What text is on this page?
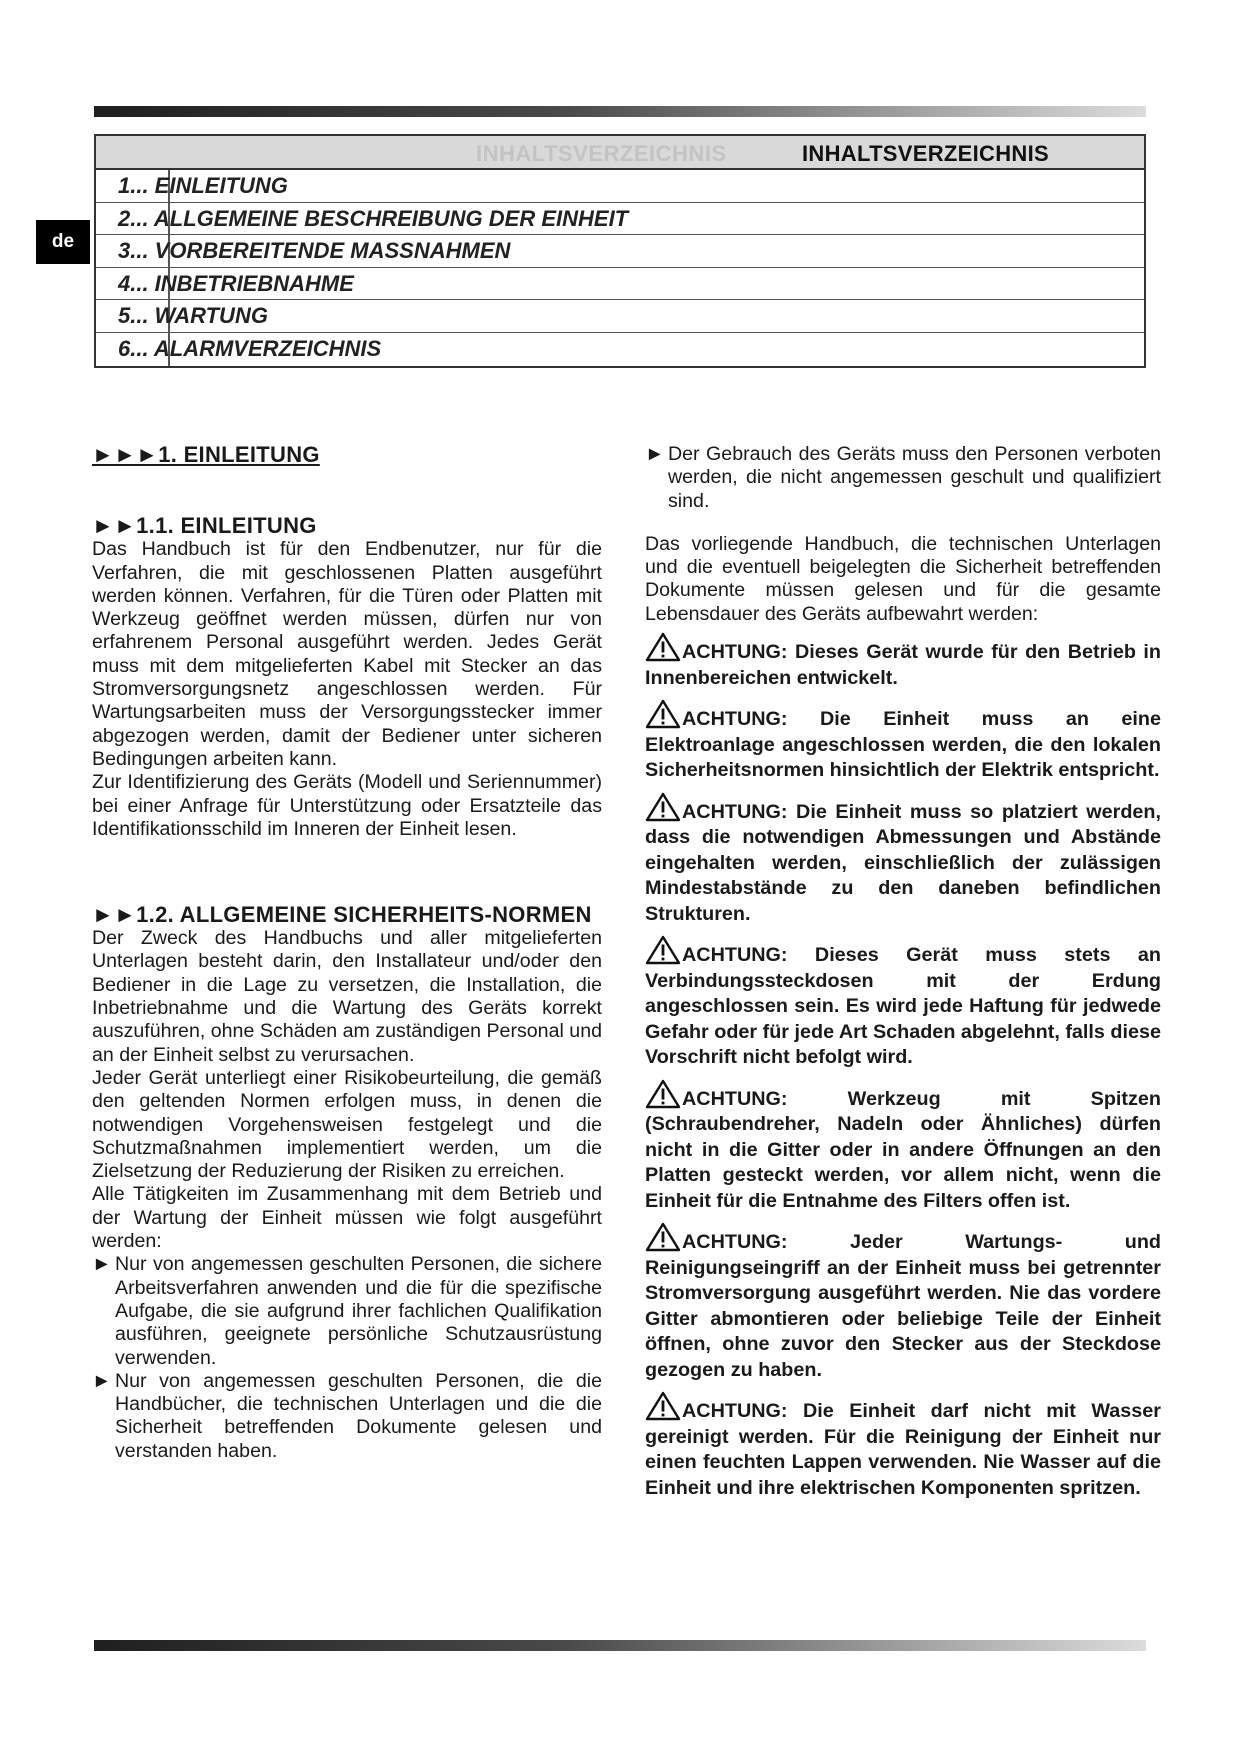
de
INHALTSVERZEICHNIS	INHALTSVERZEICHNIS
1... EINLEITUNG
2... ALLGEMEINE BESCHREIBUNG DER EINHEIT
3... VORBEREITENDE MASSNAHMEN
4... INBETRIEBNAHME
5... WARTUNG
6... ALARMVERZEICHNIS
►►►1. EINLEITUNG
►►1.1. EINLEITUNG

Das Handbuch ist für den Endbenutzer, nur für die Verfahren, die mit geschlossenen Platten ausgeführt werden können. Verfahren, für die Türen oder Platten mit Werkzeug geöffnet werden müssen, dürfen nur von erfahrenem Personal ausgeführt werden. Jedes Gerät muss mit dem mitgelieferten Kabel mit Stecker an das Stromversorgungsnetz angeschlossen werden. Für Wartungsarbeiten muss der Versorgungsstecker immer abgezogen werden, damit der Bediener unter sicheren Bedingungen arbeiten kann.

Zur Identifizierung des Geräts (Modell und Seriennummer) bei einer Anfrage für Unterstützung oder Ersatzteile das Identifikationsschild im Inneren der Einheit lesen.

►►1.2. ALLGEMEINE SICHERHEITS-NORMEN

Der Zweck des Handbuchs und aller mitgelieferten Unterlagen besteht darin, den Installateur und/oder den Bediener in die Lage zu versetzen, die Installation, die Inbetriebnahme und die Wartung des Geräts korrekt auszuführen, ohne Schäden am zuständigen Personal und an der Einheit selbst zu verursachen.

Jeder Gerät unterliegt einer Risikobeurteilung, die gemäß den geltenden Normen erfolgen muss, in denen die notwendigen Vorgehensweisen festgelegt und die Schutzmaßnahmen implementiert werden, um die Zielsetzung der Reduzierung der Risiken zu erreichen.

Alle Tätigkeiten im Zusammenhang mit dem Betrieb und der Wartung der Einheit müssen wie folgt ausgeführt werden:

► Nur von angemessen geschulten Personen, die sichere Arbeitsverfahren anwenden und die für die spezifische Aufgabe, die sie aufgrund ihrer fachlichen Qualifikation ausführen, geeignete persönliche Schutzausrüstung verwenden.
► Nur von angemessen geschulten Personen, die die Handbücher, die technischen Unterlagen und die die Sicherheit betreffenden Dokumente gelesen und verstanden haben.
► Der Gebrauch des Geräts muss den Personen verboten werden, die nicht angemessen geschult und qualifiziert sind.

Das vorliegende Handbuch, die technischen Unterlagen und die eventuell beigelegten die Sicherheit betreffenden Dokumente müssen gelesen und für die gesamte Lebensdauer des Geräts aufbewahrt werden:

ACHTUNG: Dieses Gerät wurde für den Betrieb in Innenbereichen entwickelt.
ACHTUNG: Die Einheit muss an eine Elektroanlage angeschlossen werden, die den lokalen Sicherheitsnormen hinsichtlich der Elektrik entspricht.
ACHTUNG: Die Einheit muss so platziert werden, dass die notwendigen Abmessungen und Abstände eingehalten werden, einschließlich der zulässigen Mindestabstände zu den daneben befindlichen Strukturen.
ACHTUNG: Dieses Gerät muss stets an Verbindungssteckdosen mit der Erdung angeschlossen sein. Es wird jede Haftung für jedwede Gefahr oder für jede Art Schaden abgelehnt, falls diese Vorschrift nicht befolgt wird.
ACHTUNG: Werkzeug mit Spitzen (Schraubendreher, Nadeln oder Ähnliches) dürfen nicht in die Gitter oder in andere Öffnungen an den Platten gesteckt werden, vor allem nicht, wenn die Einheit für die Entnahme des Filters offen ist.
ACHTUNG: Jeder Wartungs- und Reinigungseingriff an der Einheit muss bei getrennter Stromversorgung ausgeführt werden. Nie das vordere Gitter abmontieren oder beliebige Teile der Einheit öffnen, ohne zuvor den Stecker aus der Steckdose gezogen zu haben.
ACHTUNG: Die Einheit darf nicht mit Wasser gereinigt werden. Für die Reinigung der Einheit nur einen feuchten Lappen verwenden. Nie Wasser auf die Einheit und ihre elektrischen Komponenten spritzen.
